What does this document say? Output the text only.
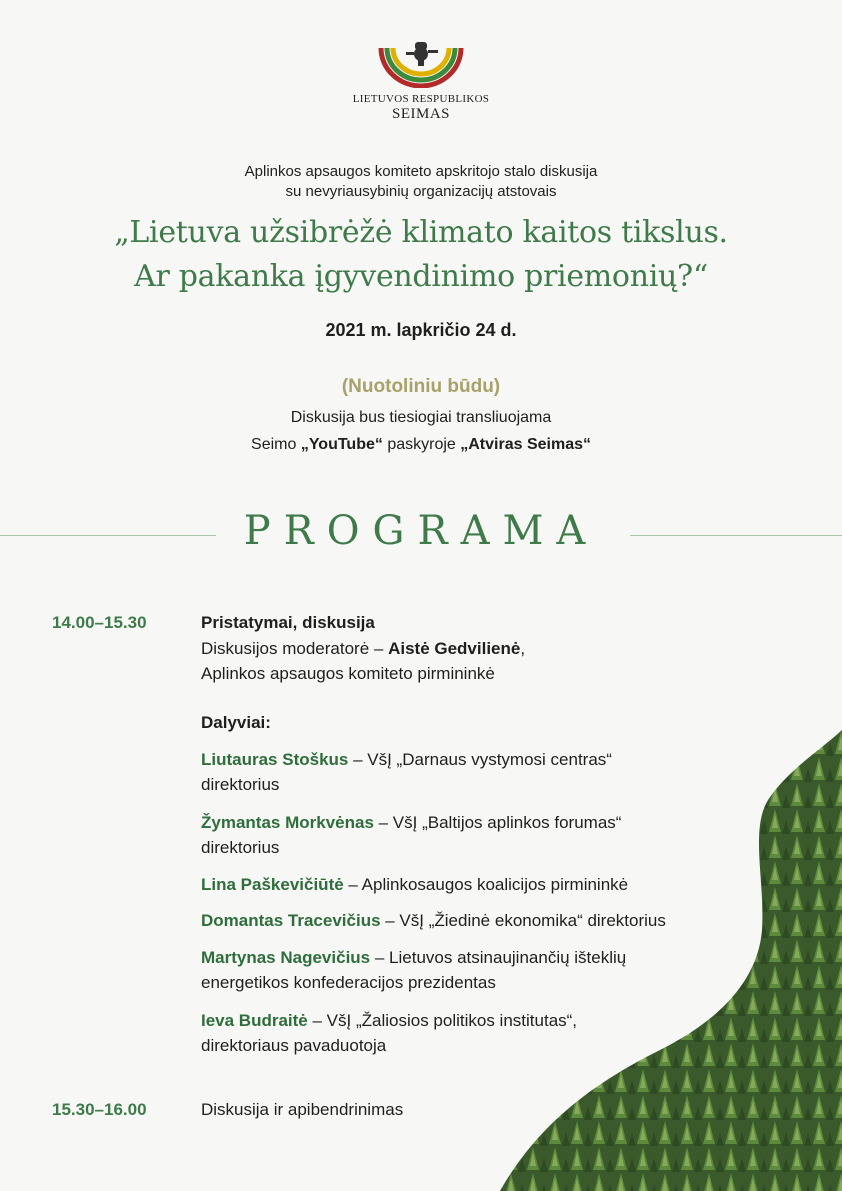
LIETUVOS RESPUBLIKOS
SEIMAS
Aplinkos apsaugos komiteto apskritojo stalo diskusija
su nevyriausybinių organizacijų atstovais
„Lietuva užsibrėžė klimato kaitos tikslus.
Ar pakanka įgyvendinimo priemonių?“
2021 m. lapkričio 24 d.
(Nuotoliniu būdu)
Diskusija bus tiesiogiai transliuojama
Seimo „YouTube“ paskyroje „Atviras Seimas“
PROGRAMA
14.00–15.30	Pristatymai, diskusija
Diskusijos moderatorė – Aistė Gedvilienė,
Aplinkos apsaugos komiteto pirmininkė
Dalyviai:
Liutauras Stoškus – VšĮ „Darnaus vystymosi centras“
direktorius
Žymantas Morkvėnas – VšĮ „Baltijos aplinkos forumas“
direktorius
Lina Paškevičiūtė – Aplinkosaugos koalicijos pirmininkė
Domantas Tracevičius – VšĮ „Žiedinė ekonomika“ direktorius
Martynas Nagevičius – Lietuvos atsinaujinančių išteklių
energetikos konfederacijos prezidentas
Ieva Budraitė – VšĮ „Žaliosios politikos institutas“,
direktoriaus pavaduotoja
15.30–16.00	Diskusija ir apibendrinimas
